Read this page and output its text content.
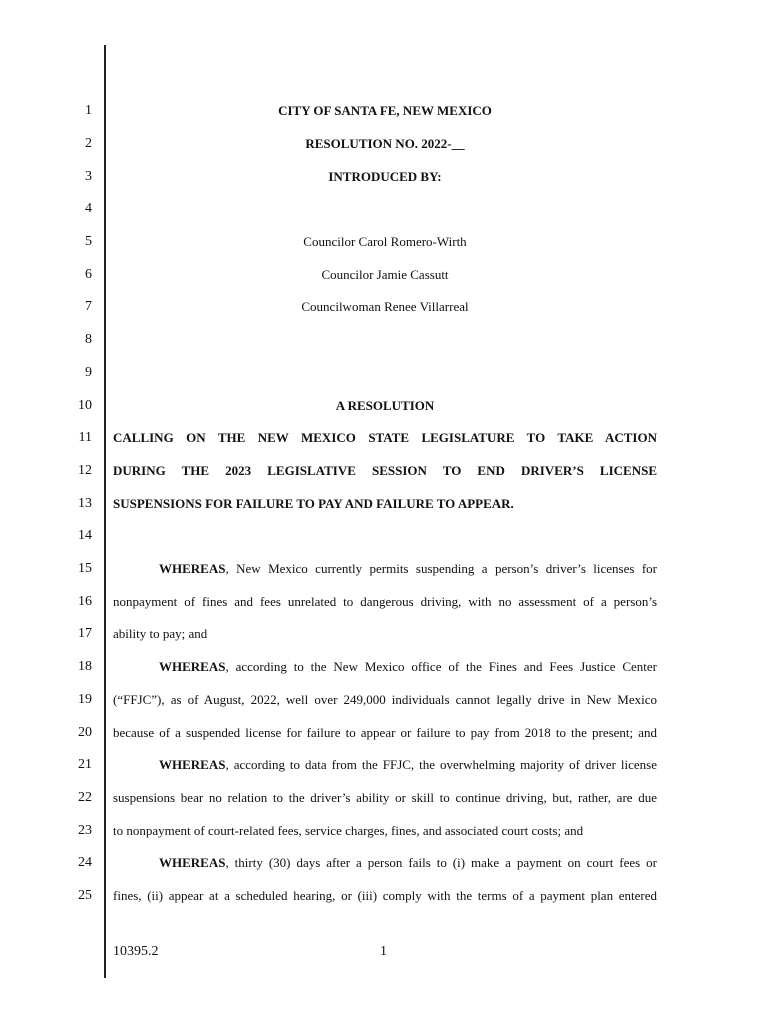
1
2
3
4
5
6
7
8
9
10
11
12
13
14
15
16
17
18
19
20
21
22
23
24
25
CITY OF SANTA FE, NEW MEXICO
RESOLUTION NO. 2022-__
INTRODUCED BY:
Councilor Carol Romero-Wirth
Councilor Jamie Cassutt
Councilwoman Renee Villarreal
A RESOLUTION
CALLING ON THE NEW MEXICO STATE LEGISLATURE TO TAKE ACTION
DURING THE 2023 LEGISLATIVE SESSION TO END DRIVER’S LICENSE
SUSPENSIONS FOR FAILURE TO PAY AND FAILURE TO APPEAR.
WHEREAS, New Mexico currently permits suspending a person’s driver’s licenses for
nonpayment of fines and fees unrelated to dangerous driving, with no assessment of a person’s
ability to pay; and
WHEREAS, according to the New Mexico office of the Fines and Fees Justice Center
(“FFJC”), as of August, 2022, well over 249,000 individuals cannot legally drive in New Mexico
because of a suspended license for failure to appear or failure to pay from 2018 to the present; and
WHEREAS, according to data from the FFJC, the overwhelming majority of driver license
suspensions bear no relation to the driver’s ability or skill to continue driving, but, rather, are due
to nonpayment of court-related fees, service charges, fines, and associated court costs; and
WHEREAS, thirty (30) days after a person fails to (i) make a payment on court fees or
fines, (ii) appear at a scheduled hearing, or (iii) comply with the terms of a payment plan entered
10395.2	1
